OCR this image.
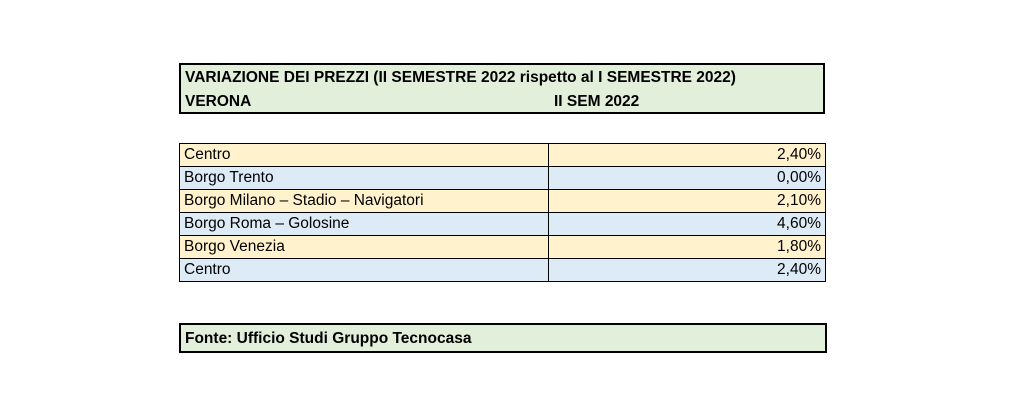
VARIAZIONE DEI PREZZI (II SEMESTRE 2022 rispetto al I SEMESTRE 2022)
VERONA	II SEM 2022
Centro	2,40%
Borgo Trento	0,00%
Borgo Milano – Stadio – Navigatori	2,10%
Borgo Roma – Golosine	4,60%
Borgo Venezia	1,80%
Centro	2,40%
Fonte: Ufficio Studi Gruppo Tecnocasa
